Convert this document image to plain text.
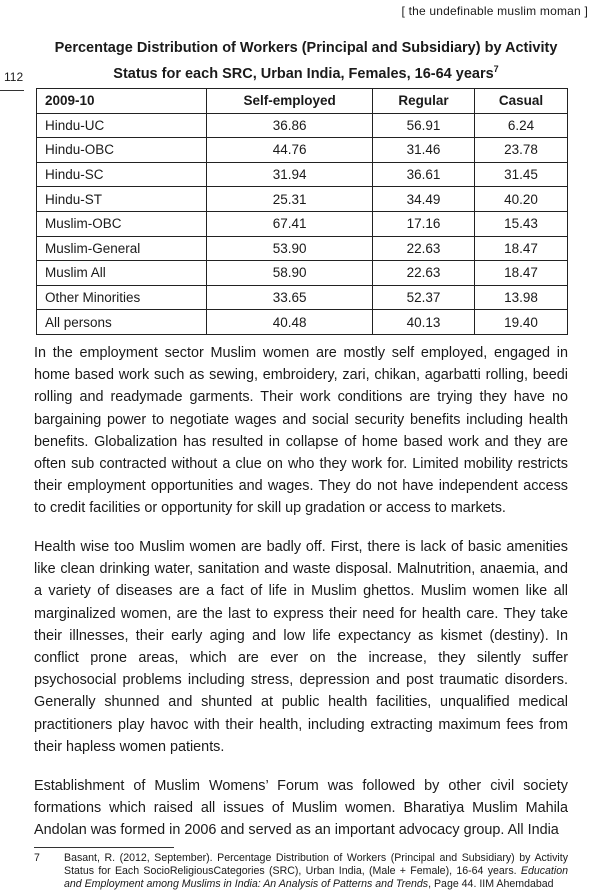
[ the undefinable muslim moman ]
112
Percentage Distribution of Workers (Principal and Subsidiary) by Activity Status for each SRC, Urban India, Females, 16-64 years$^7$
2009-10	Self-employed	Regular	Casual
Hindu-UC	36.86	56.91	6.24
Hindu-OBC	44.76	31.46	23.78
Hindu-SC	31.94	36.61	31.45
Hindu-ST	25.31	34.49	40.20
Muslim-OBC	67.41	17.16	15.43
Muslim-General	53.90	22.63	18.47
Muslim All	58.90	22.63	18.47
Other Minorities	33.65	52.37	13.98
All persons	40.48	40.13	19.40

In the employment sector Muslim women are mostly self employed, engaged in home based work such as sewing, embroidery, zari, chikan, agarbatti rolling, beedi rolling and readymade garments. Their work conditions are trying they have no bargaining power to negotiate wages and social security benefits including health benefits. Globalization has resulted in collapse of home based work and they are often sub contracted without a clue on who they work for. Limited mobility restricts their employment opportunities and wages. They do not have independent access to credit facilities or opportunity for skill up gradation or access to markets.

Health wise too Muslim women are badly off. First, there is lack of basic amenities like clean drinking water, sanitation and waste disposal. Malnutrition, anaemia, and a variety of diseases are a fact of life in Muslim ghettos. Muslim women like all marginalized women, are the last to express their need for health care. They take their illnesses, their early aging and low life expectancy as kismet (destiny). In conflict prone areas, which are ever on the increase, they silently suffer psychosocial problems including stress, depression and post traumatic disorders. Generally shunned and shunted at public health facilities, unqualified medical practitioners play havoc with their health, including extracting maximum fees from their hapless women patients.

Establishment of Muslim Womens’ Forum was followed by other civil society formations which raised all issues of Muslim women. Bharatiya Muslim Mahila Andolan was formed in 2006 and served as an important advocacy group. All India

7 Basant, R. (2012, September). Percentage Distribution of Workers (Principal and Subsidiary) by Activity Status for Each SocioReligiousCategories (SRC), Urban India, (Male + Female), 16-64 years. Education and Employment among Muslims in India: An Analysis of Patterns and Trends, Page 44. IIM Ahemdabad
